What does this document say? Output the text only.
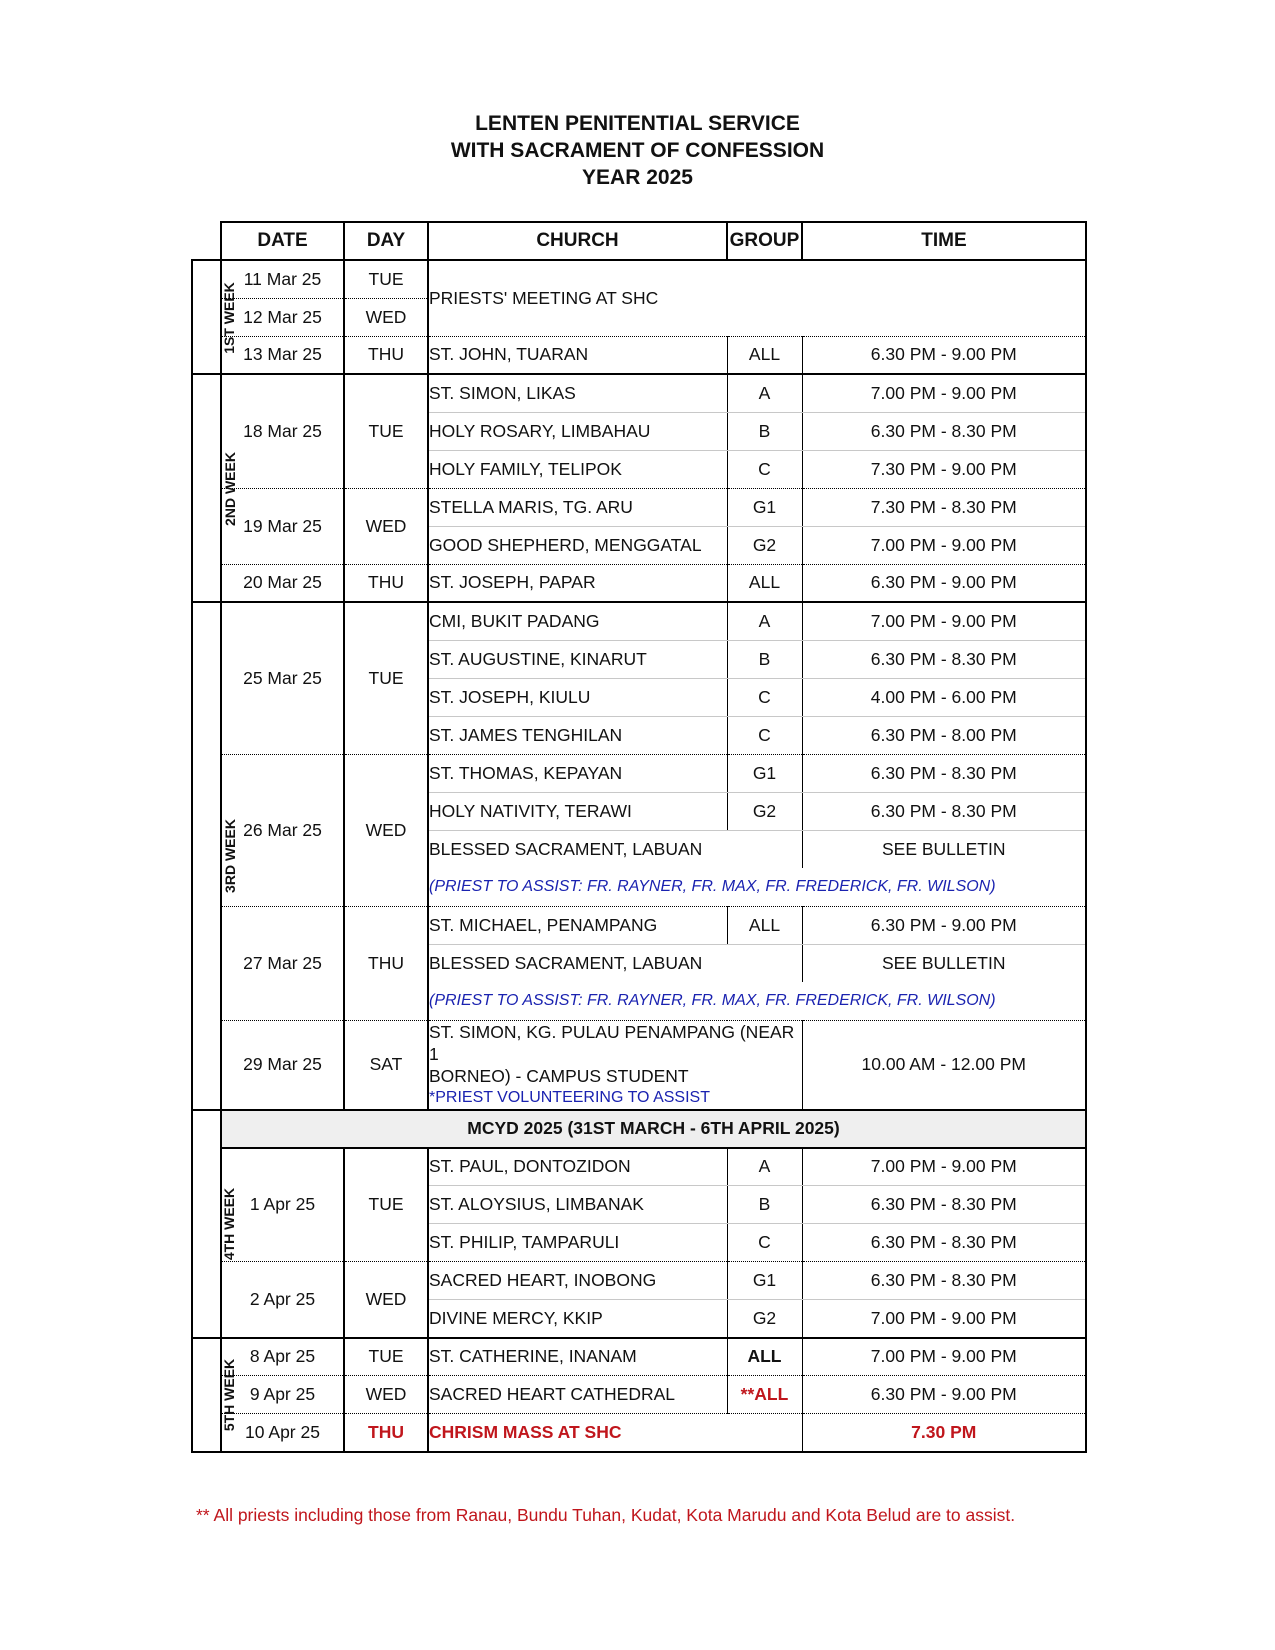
LENTEN PENITENTIAL SERVICE
WITH SACRAMENT OF CONFESSION
YEAR 2025
	DATE	DAY	CHURCH	GROUP	TIME
1ST WEEK	11 Mar 25	TUE	PRIESTS' MEETING AT SHC		
	12 Mar 25	WED			
	13 Mar 25	THU	ST. JOHN, TUARAN	ALL	6.30 PM - 9.00 PM
2ND WEEK	18 Mar 25	TUE	ST. SIMON, LIKAS	A	7.00 PM - 9.00 PM
			HOLY ROSARY, LIMBAHAU	B	6.30 PM - 8.30 PM
			HOLY FAMILY, TELIPOK	C	7.30 PM - 9.00 PM
	19 Mar 25	WED	STELLA MARIS, TG. ARU	G1	7.30 PM - 8.30 PM
			GOOD SHEPHERD, MENGGATAL	G2	7.00 PM - 9.00 PM
	20 Mar 25	THU	ST. JOSEPH, PAPAR	ALL	6.30 PM - 9.00 PM
3RD WEEK	25 Mar 25	TUE	CMI, BUKIT PADANG	A	7.00 PM - 9.00 PM
			ST. AUGUSTINE, KINARUT	B	6.30 PM - 8.30 PM
			ST. JOSEPH, KIULU	C	4.00 PM - 6.00 PM
			ST. JAMES TENGHILAN	C	6.30 PM - 8.00 PM
	26 Mar 25	WED	ST. THOMAS, KEPAYAN	G1	6.30 PM - 8.30 PM
			HOLY NATIVITY, TERAWI	G2	6.30 PM - 8.30 PM
			BLESSED SACRAMENT, LABUAN		SEE BULLETIN
			(PRIEST TO ASSIST: FR. RAYNER, FR. MAX, FR. FREDERICK, FR. WILSON)		
	27 Mar 25	THU	ST. MICHAEL, PENAMPANG	ALL	6.30 PM - 9.00 PM
			BLESSED SACRAMENT, LABUAN		SEE BULLETIN
			(PRIEST TO ASSIST: FR. RAYNER, FR. MAX, FR. FREDERICK, FR. WILSON)		
	29 Mar 25	SAT	ST. SIMON, KG. PULAU PENAMPANG (NEAR 1
BORNEO) - CAMPUS STUDENT
*PRIEST VOLUNTEERING TO ASSIST		10.00 AM - 12.00 PM

4TH WEEK	MCYD 2025 (31ST MARCH - 6TH APRIL 2025)				
	1 Apr 25	TUE	ST. PAUL, DONTOZIDON	A	7.00 PM - 9.00 PM
			ST. ALOYSIUS, LIMBANAK	B	6.30 PM - 8.30 PM
			ST. PHILIP, TAMPARULI	C	6.30 PM - 8.30 PM
	2 Apr 25	WED	SACRED HEART, INOBONG	G1	6.30 PM - 8.30 PM
			DIVINE MERCY, KKIP	G2	7.00 PM - 9.00 PM
5TH WEEK	8 Apr 25	TUE	ST. CATHERINE, INANAM	ALL	7.00 PM - 9.00 PM
	9 Apr 25	WED	SACRED HEART CATHEDRAL	**ALL	6.30 PM - 9.00 PM
	10 Apr 25	THU	CHRISM MASS AT SHC		7.30 PM
** All priests including those from Ranau, Bundu Tuhan, Kudat, Kota Marudu and Kota Belud are to assist.
